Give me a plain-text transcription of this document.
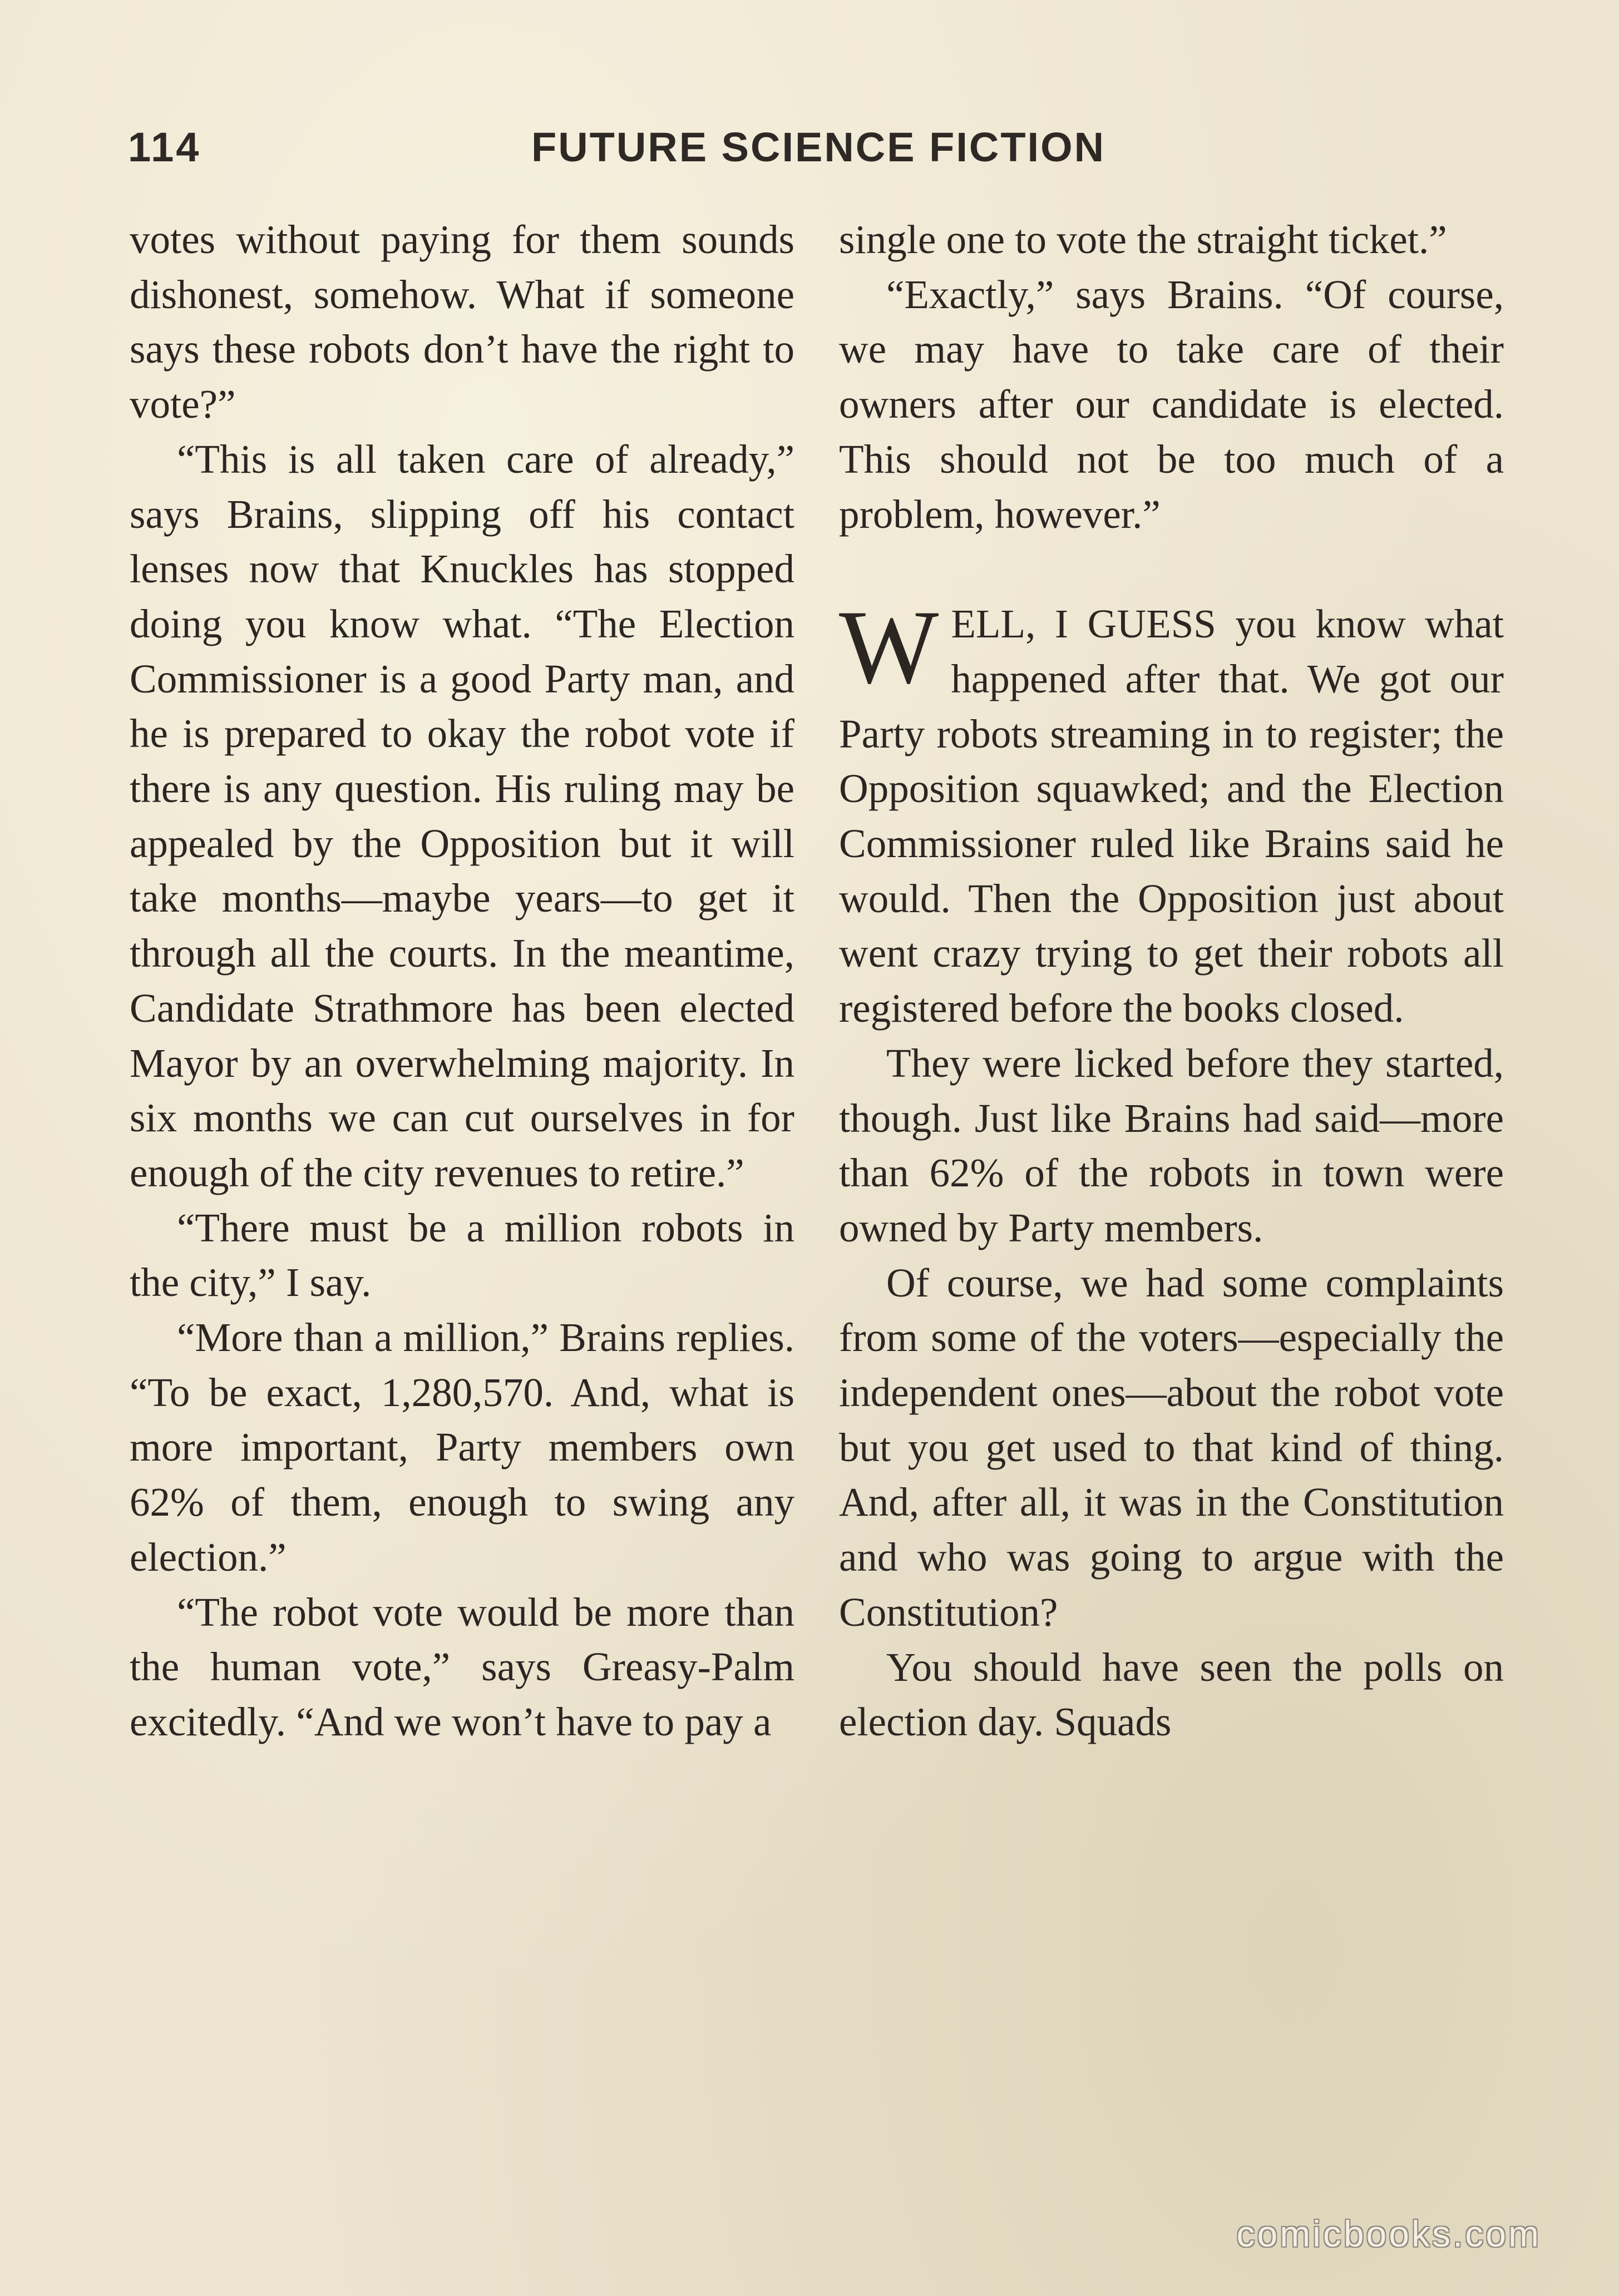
114	FUTURE SCIENCE FICTION

votes without paying for them sounds dishonest, somehow. What if someone says these robots don’t have the right to vote?”

“This is all taken care of already,” says Brains, slipping off his contact lenses now that Knuckles has stopped doing you know what. “The Election Commissioner is a good Party man, and he is prepared to okay the robot vote if there is any question. His ruling may be appealed by the Opposition but it will take months—maybe years—to get it through all the courts. In the meantime, Candidate Strathmore has been elected Mayor by an overwhelming majority. In six months we can cut ourselves in for enough of the city revenues to retire.”

“There must be a million robots in the city,” I say.

“More than a million,” Brains replies. “To be exact, 1,280,570. And, what is more important, Party members own 62% of them, enough to swing any election.”

“The robot vote would be more than the human vote,” says Greasy-Palm excitedly. “And we won’t have to pay a

single one to vote the straight ticket.”

“Exactly,” says Brains. “Of course, we may have to take care of their owners after our candidate is elected. This should not be too much of a problem, however.”

WELL, I GUESS you know what happened after that. We got our Party robots streaming in to register; the Opposition squawked; and the Election Commissioner ruled like Brains said he would. Then the Opposition just about went crazy trying to get their robots all registered before the books closed.

They were licked before they started, though. Just like Brains had said—more than 62% of the robots in town were owned by Party members.

Of course, we had some complaints from some of the voters—especially the independent ones—about the robot vote but you get used to that kind of thing. And, after all, it was in the Constitution and who was going to argue with the Constitution?

You should have seen the polls on election day. Squads

comicbooks.com
